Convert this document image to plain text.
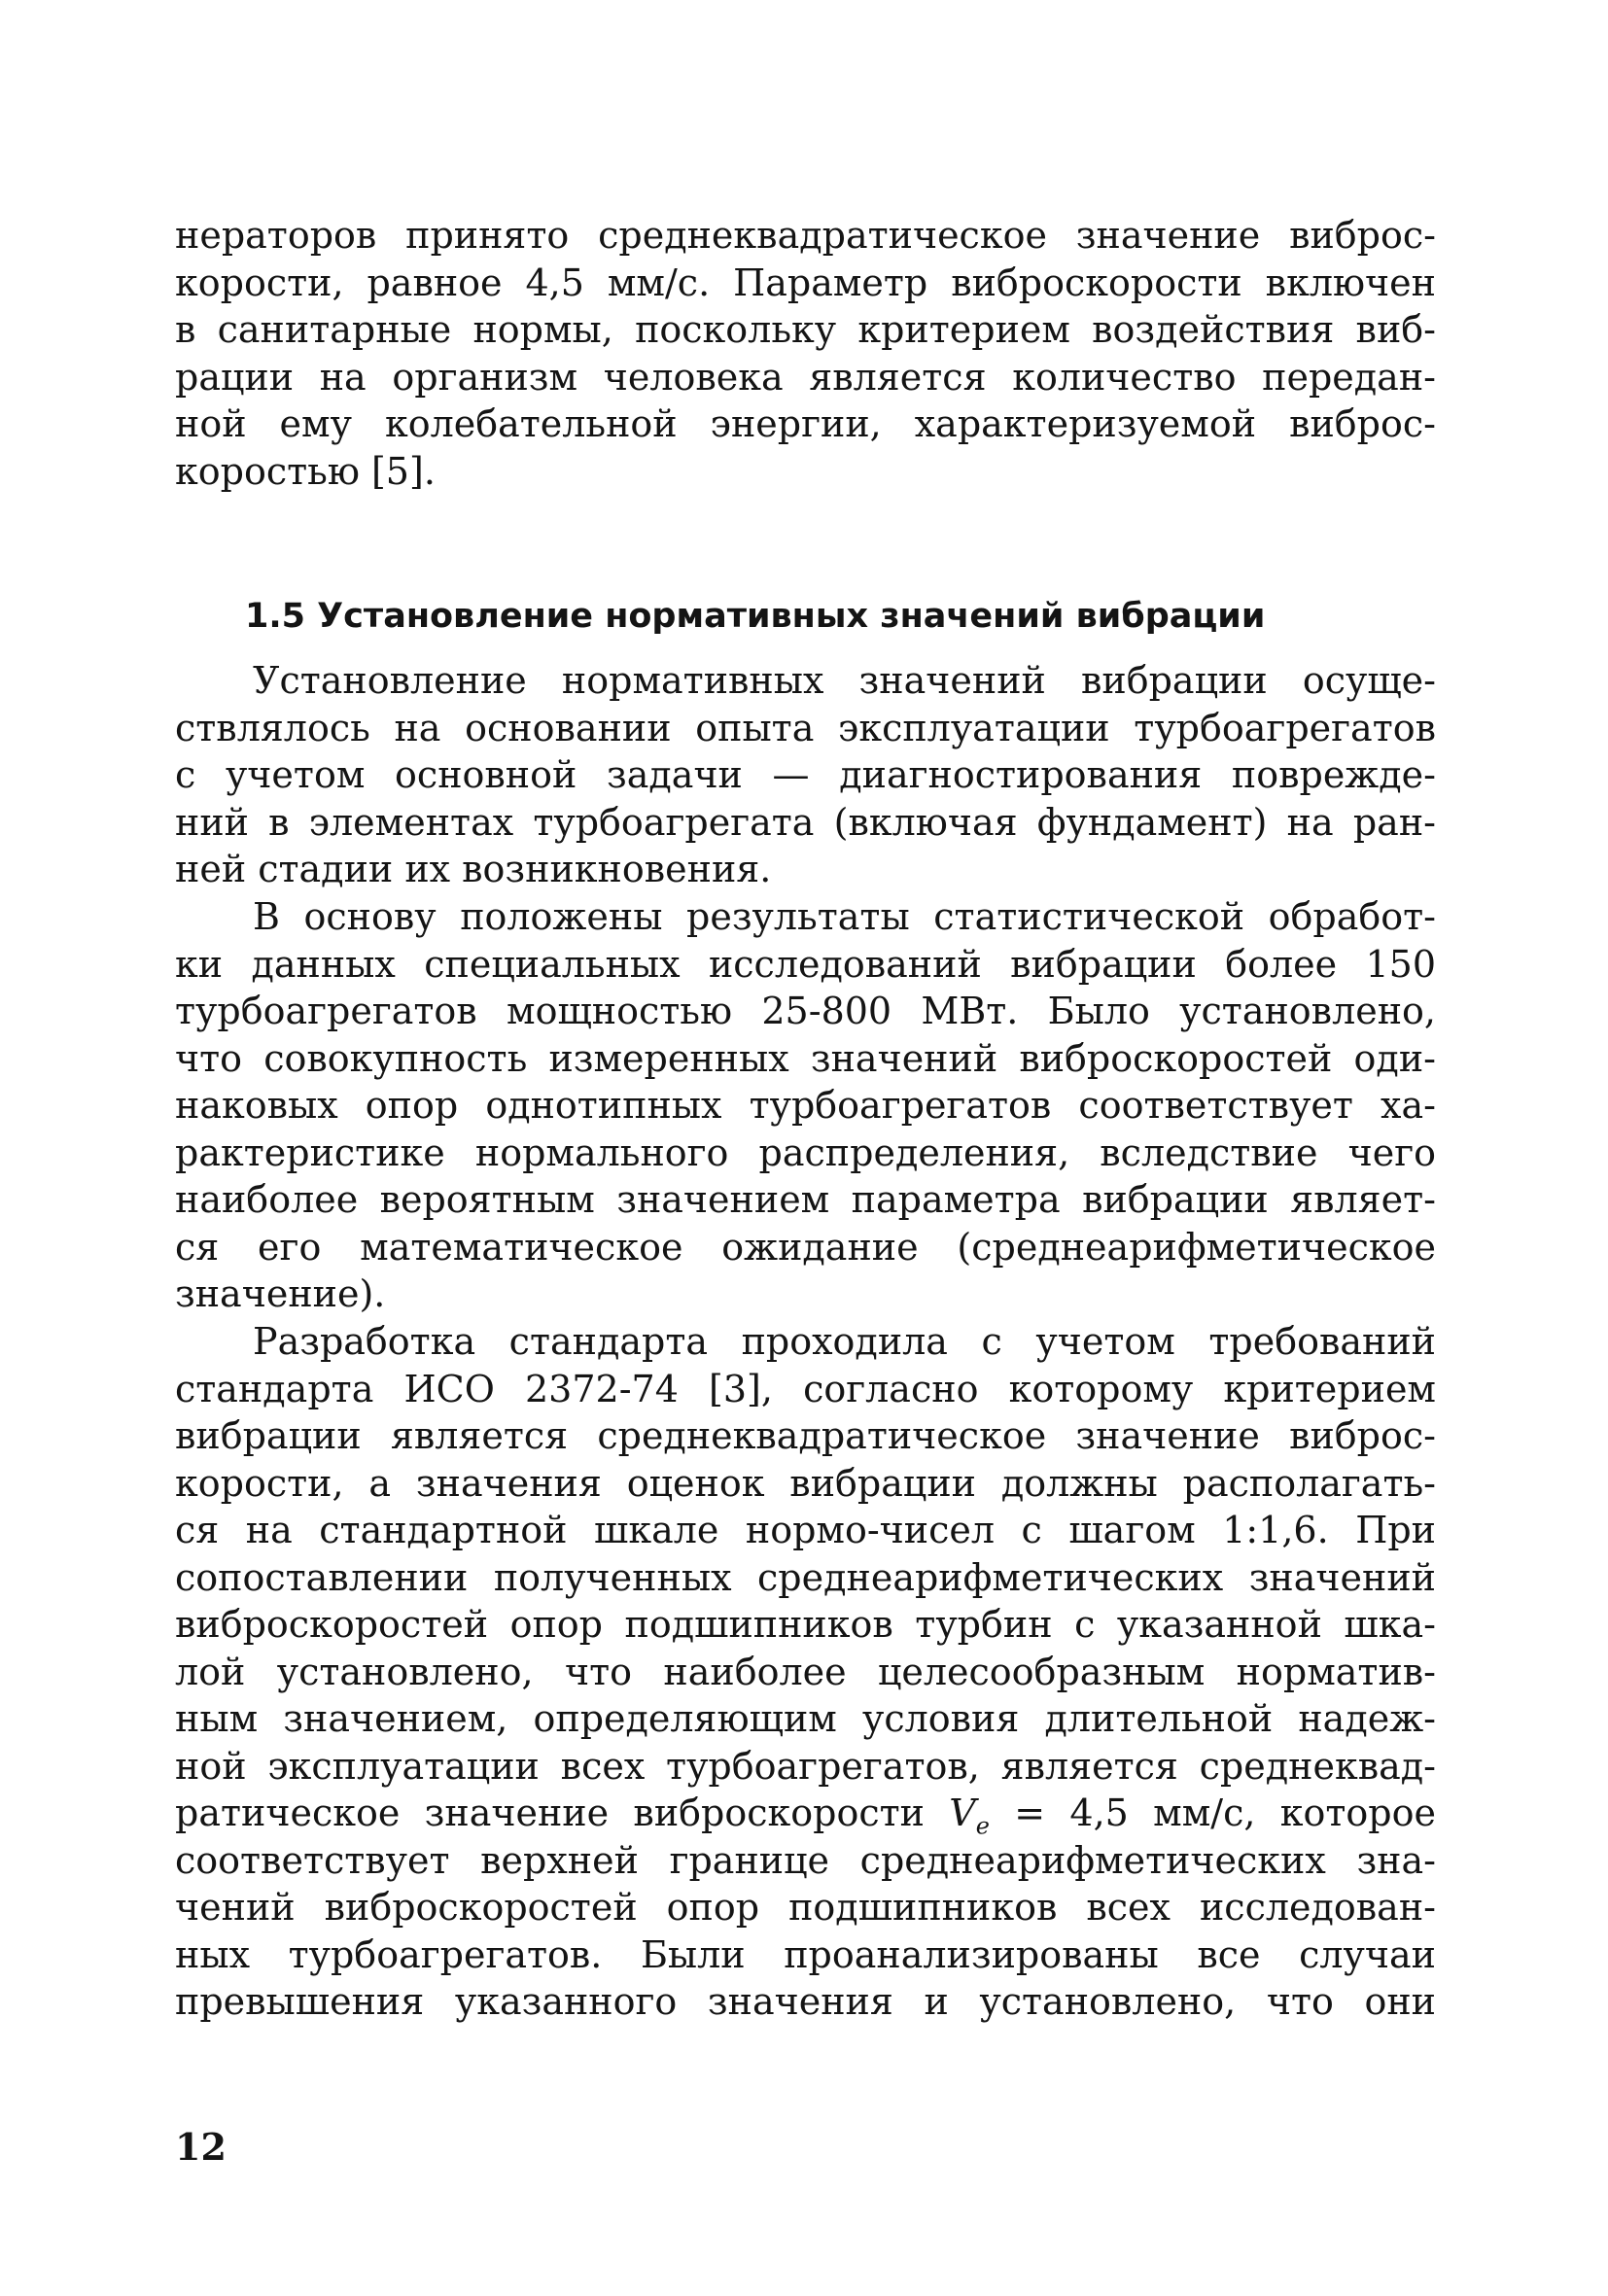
нераторов принято среднеквадратическое значение виброс-
корости, равное 4,5 мм/с. Параметр виброскорости включен
в санитарные нормы, поскольку критерием воздействия виб-
рации на организм человека является количество передан-
ной ему колебательной энергии, характеризуемой виброс-
коростью [5].
1.5 Установление нормативных значений вибрации
Установление нормативных значений вибрации осуще-
ствлялось на основании опыта эксплуатации турбоагрегатов
с учетом основной задачи — диагностирования поврежде-
ний в элементах турбоагрегата (включая фундамент) на ран-
ней стадии их возникновения.
В основу положены результаты статистической обработ-
ки данных специальных исследований вибрации более 150
турбоагрегатов мощностью 25-800 МВт. Было установлено,
что совокупность измеренных значений виброскоростей оди-
наковых опор однотипных турбоагрегатов соответствует ха-
рактеристике нормального распределения, вследствие чего
наиболее вероятным значением параметра вибрации являет-
ся его математическое ожидание (среднеарифметическое
значение).
Разработка стандарта проходила с учетом требований
стандарта ИСО 2372-74 [3], согласно которому критерием
вибрации является среднеквадратическое значение виброс-
корости, а значения оценок вибрации должны располагать-
ся на стандартной шкале нормо-чисел с шагом 1:1,6. При
сопоставлении полученных среднеарифметических значений
виброскоростей опор подшипников турбин с указанной шка-
лой установлено, что наиболее целесообразным норматив-
ным значением, определяющим условия длительной надеж-
ной эксплуатации всех турбоагрегатов, является среднеквад-
ратическое значение виброскорости $V_e = 4,5$ мм/с, которое
соответствует верхней границе среднеарифметических зна-
чений виброскоростей опор подшипников всех исследован-
ных турбоагрегатов. Были проанализированы все случаи
превышения указанного значения и установлено, что они
12
